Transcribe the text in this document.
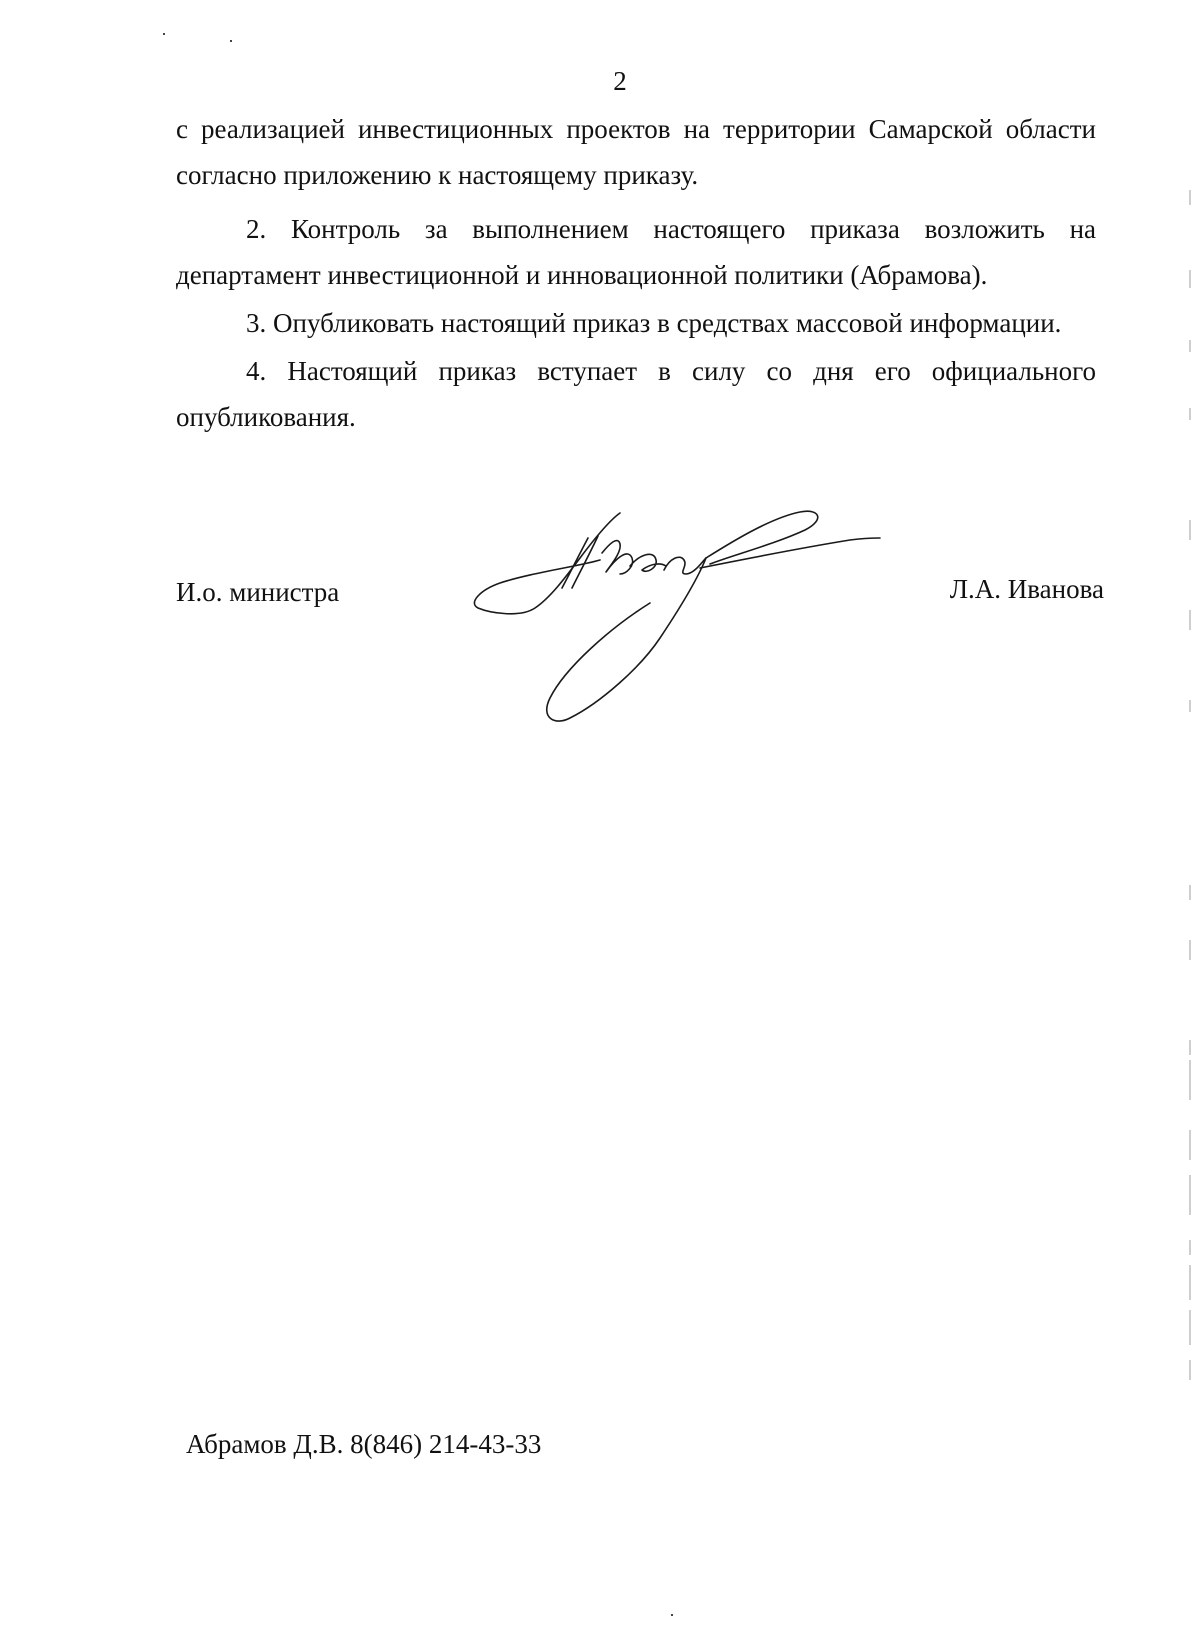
2

с реализацией инвестиционных проектов на территории Самарской области согласно приложению к настоящему приказу.

2. Контроль за выполнением настоящего приказа возложить на департамент инвестиционной и инновационной политики (Абрамова).

3. Опубликовать настоящий приказ в средствах массовой информации.

4. Настоящий приказ вступает в силу со дня его официального опубликования.

И.о. министра	Л.А. Иванова
Абрамов Д.В. 8(846) 214-43-33
